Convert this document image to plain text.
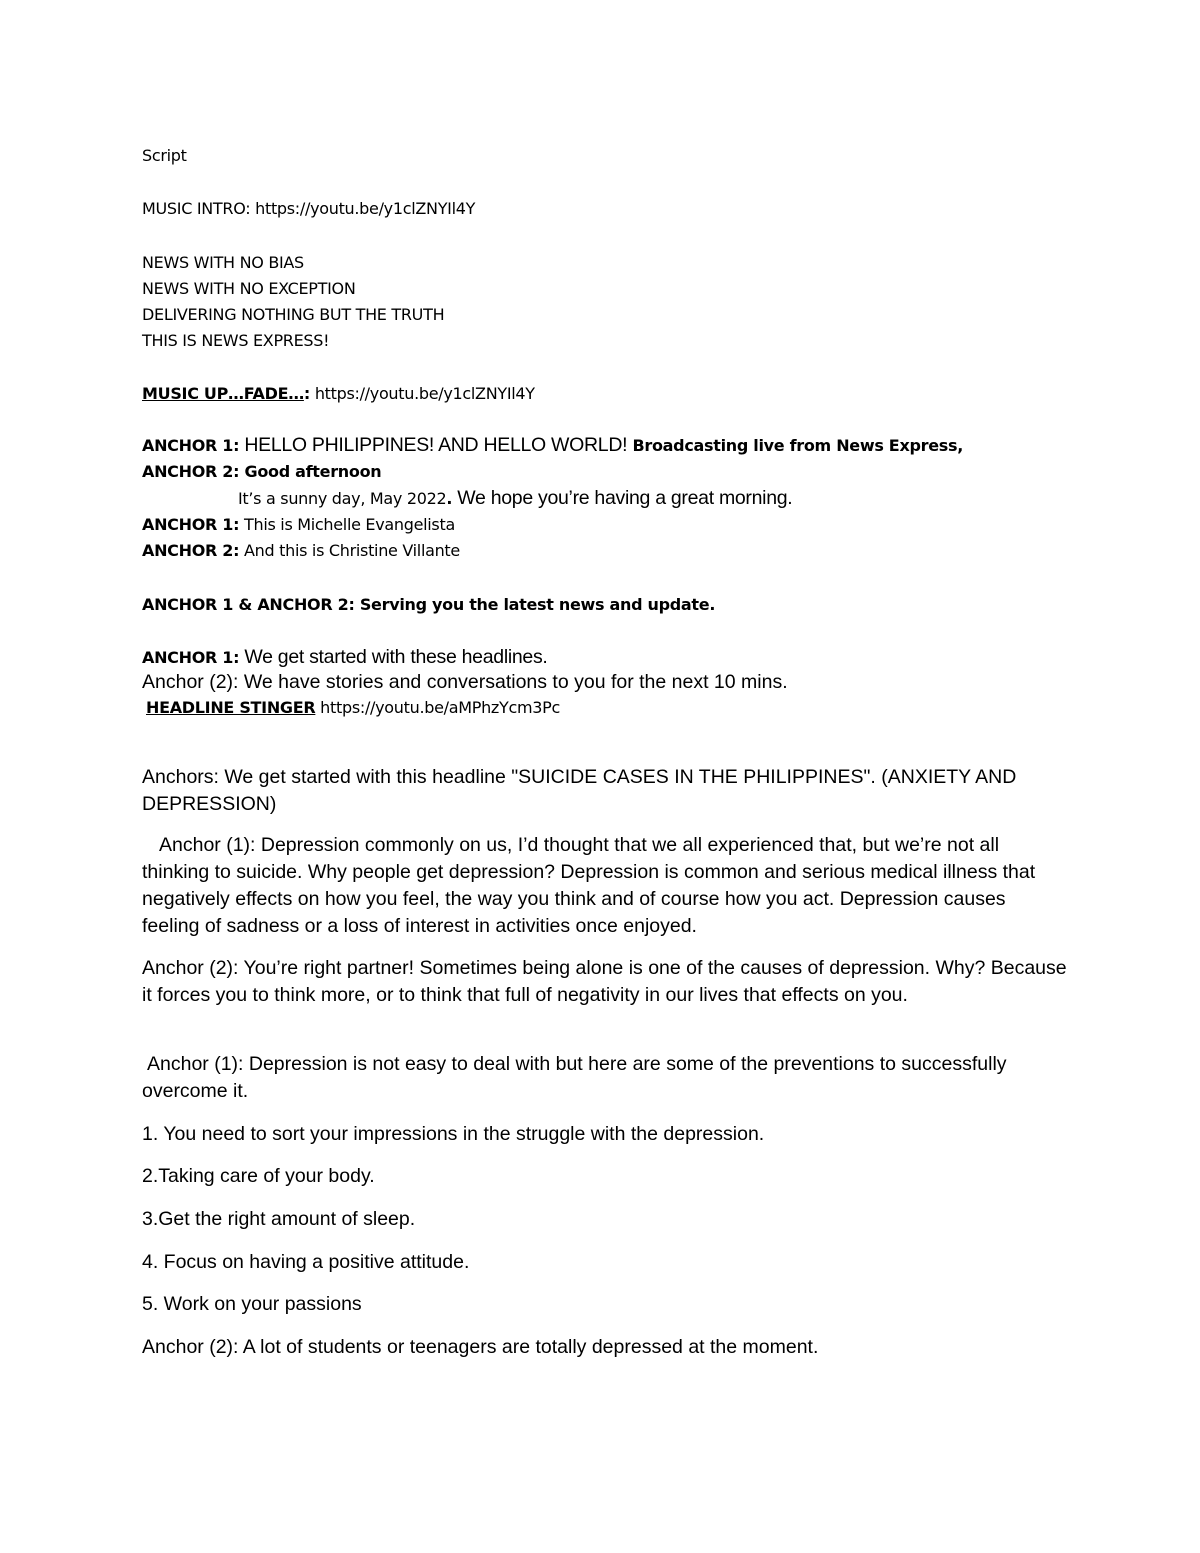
Script

MUSIC INTRO: https://youtu.be/y1clZNYIl4Y

NEWS WITH NO BIAS

NEWS WITH NO EXCEPTION

DELIVERING NOTHING BUT THE TRUTH

THIS IS NEWS EXPRESS!

MUSIC UP…FADE…: https://youtu.be/y1clZNYIl4Y

ANCHOR 1: HELLO PHILIPPINES! AND HELLO WORLD! Broadcasting live from News Express,

ANCHOR 2: Good afternoon

It’s a sunny day, May 2022. We hope you’re having a great morning.

ANCHOR 1: This is Michelle Evangelista

ANCHOR 2: And this is Christine Villante

ANCHOR 1 & ANCHOR 2: Serving you the latest news and update.

ANCHOR 1: We get started with these headlines.

Anchor (2): We have stories and conversations to you for the next 10 mins.

HEADLINE STINGER https://youtu.be/aMPhzYcm3Pc

Anchors: We get started with this headline "SUICIDE CASES IN THE PHILIPPINES". (ANXIETY AND DEPRESSION)

Anchor (1): Depression commonly on us, I’d thought that we all experienced that, but we’re not all thinking to suicide. Why people get depression? Depression is common and serious medical illness that negatively effects on how you feel, the way you think and of course how you act. Depression causes feeling of sadness or a loss of interest in activities once enjoyed.

Anchor (2): You’re right partner! Sometimes being alone is one of the causes of depression. Why? Because it forces you to think more, or to think that full of negativity in our lives that effects on you.

Anchor (1): Depression is not easy to deal with but here are some of the preventions to successfully overcome it.

1. You need to sort your impressions in the struggle with the depression.

2.Taking care of your body.

3.Get the right amount of sleep.

4. Focus on having a positive attitude.

5. Work on your passions

Anchor (2): A lot of students or teenagers are totally depressed at the moment.
